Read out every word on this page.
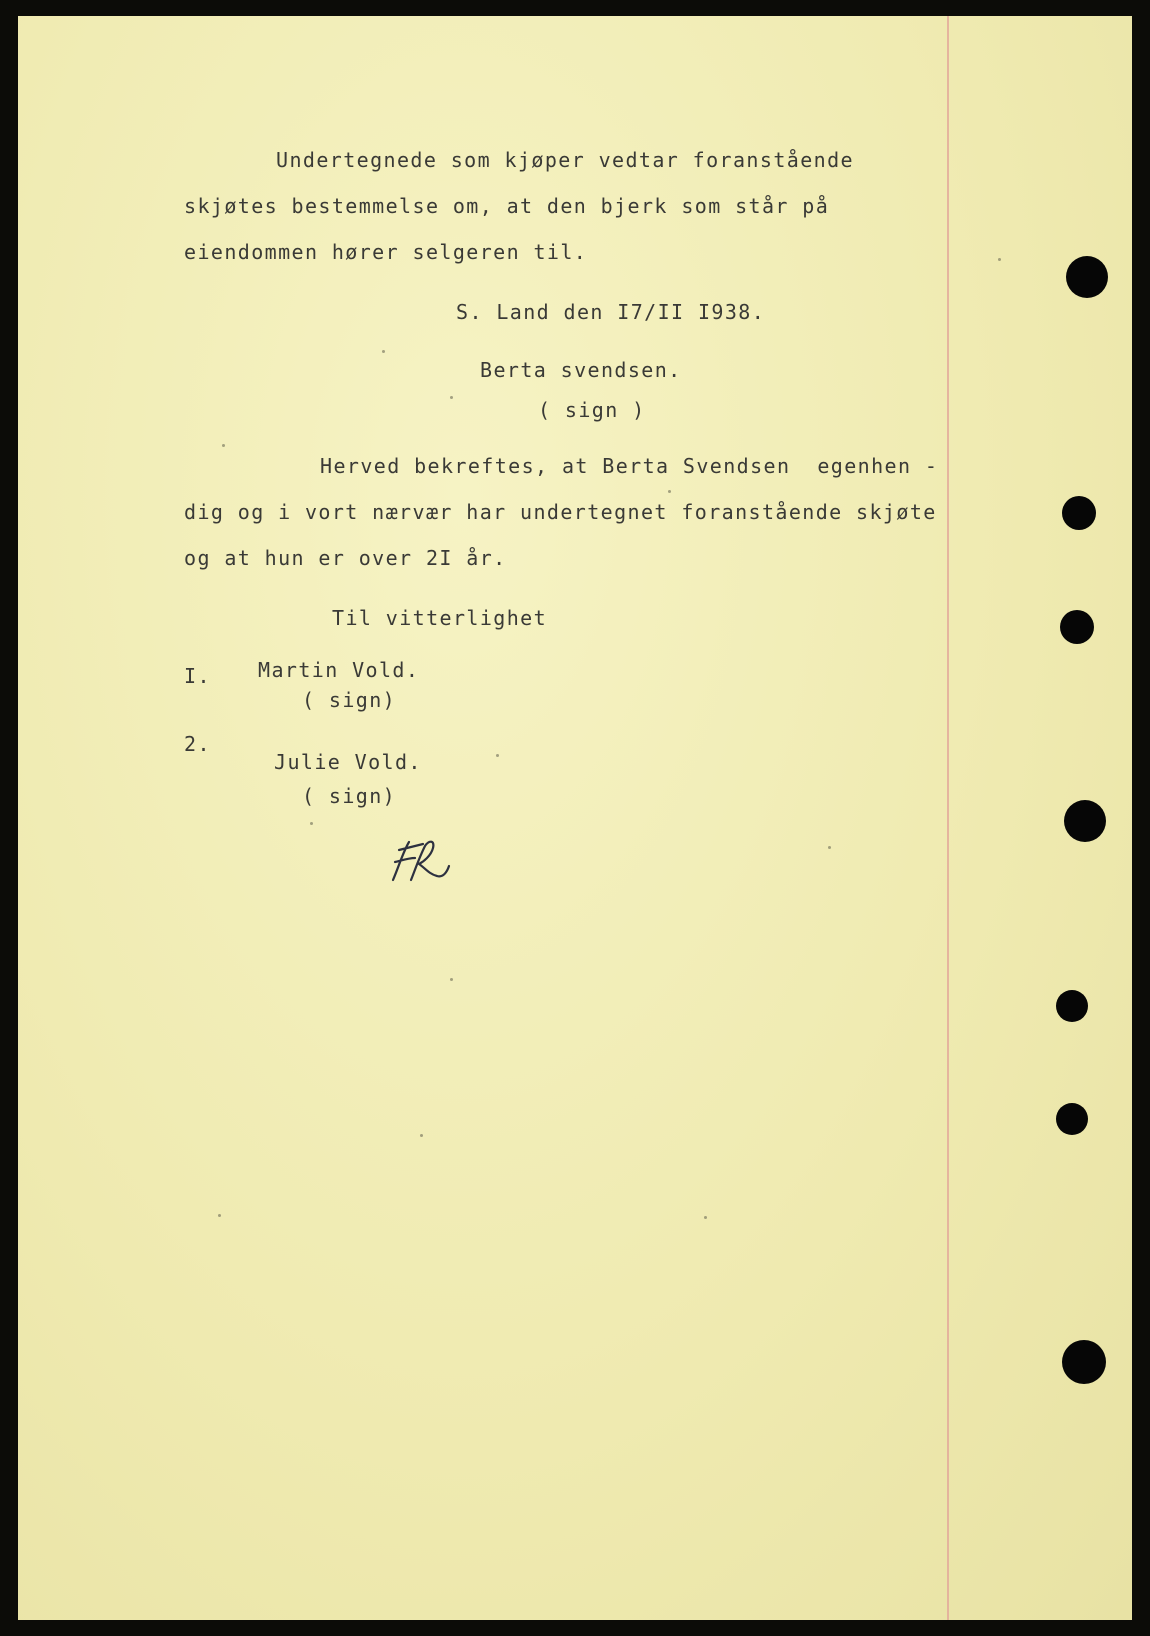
Undertegnede som kjøper vedtar foranstående
skjøtes bestemmelse om, at den bjerk som står på
eiendommen hører selgeren til.
S. Land den I7/II I938.
Berta svendsen.
( sign )
Herved bekreftes, at Berta Svendsen  egenhen -
dig og i vort nærvær har undertegnet foranstående skjøte
og at hun er over 2I år.
Til vitterlighet
I. Martin Vold.
( sign)
2.
Julie Vold.
( sign)
